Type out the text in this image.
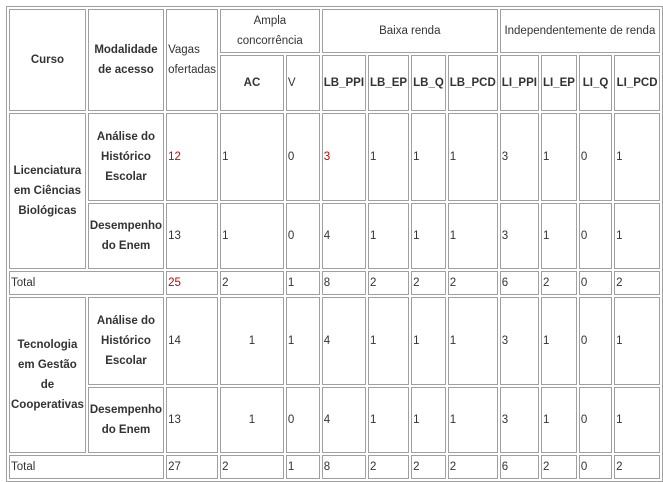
Curso	Modalidade de acesso	Vagas ofertadas	Ampla concorrência		Baixa renda				Independentemente de renda			
			AC	V	LB_PPI	LB_EP	LB_Q	LB_PCD	LI_PPI	LI_EP	LI_Q	LI_PCD
Licenciatura em Ciências Biológicas	Análise do Histórico Escolar	12	1	0	3	1	1	1	3	1	0	1
	Desempenho do Enem	13	1	0	4	1	1	1	3	1	0	1
Total		25	2	1	8	2	2	2	6	2	0	2
Tecnologia em Gestão de Cooperativas	Análise do Histórico Escolar	14	1	1	4	1	1	1	3	1	0	1
	Desempenho do Enem	13	1	0	4	1	1	1	3	1	0	1
Total		27	2	1	8	2	2	2	6	2	0	2
